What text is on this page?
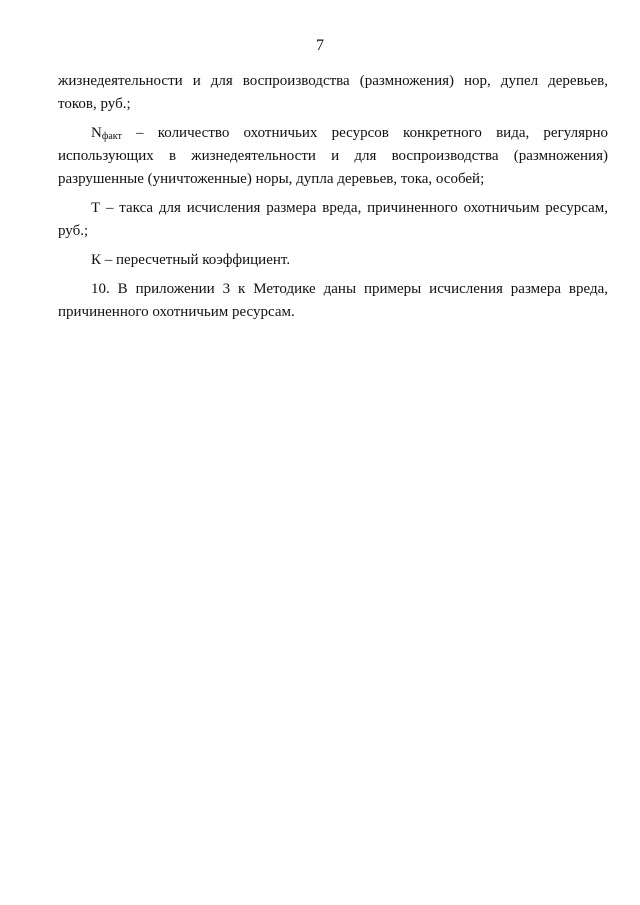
7
жизнедеятельности и для воспроизводства (размножения) нор, дупел деревьев,
токов, руб.;
$N_{факт}$ – количество охотничьих ресурсов конкретного вида, регулярно
использующих в жизнедеятельности и для воспроизводства (размножения)
разрушенные (уничтоженные) норы, дупла деревьев, тока, особей;
Т – такса для исчисления размера вреда, причиненного охотничьим ресурсам,
руб.;
К – пересчетный коэффициент.
10. В приложении 3 к Методике даны примеры исчисления размера вреда,
причиненного охотничьим ресурсам.
